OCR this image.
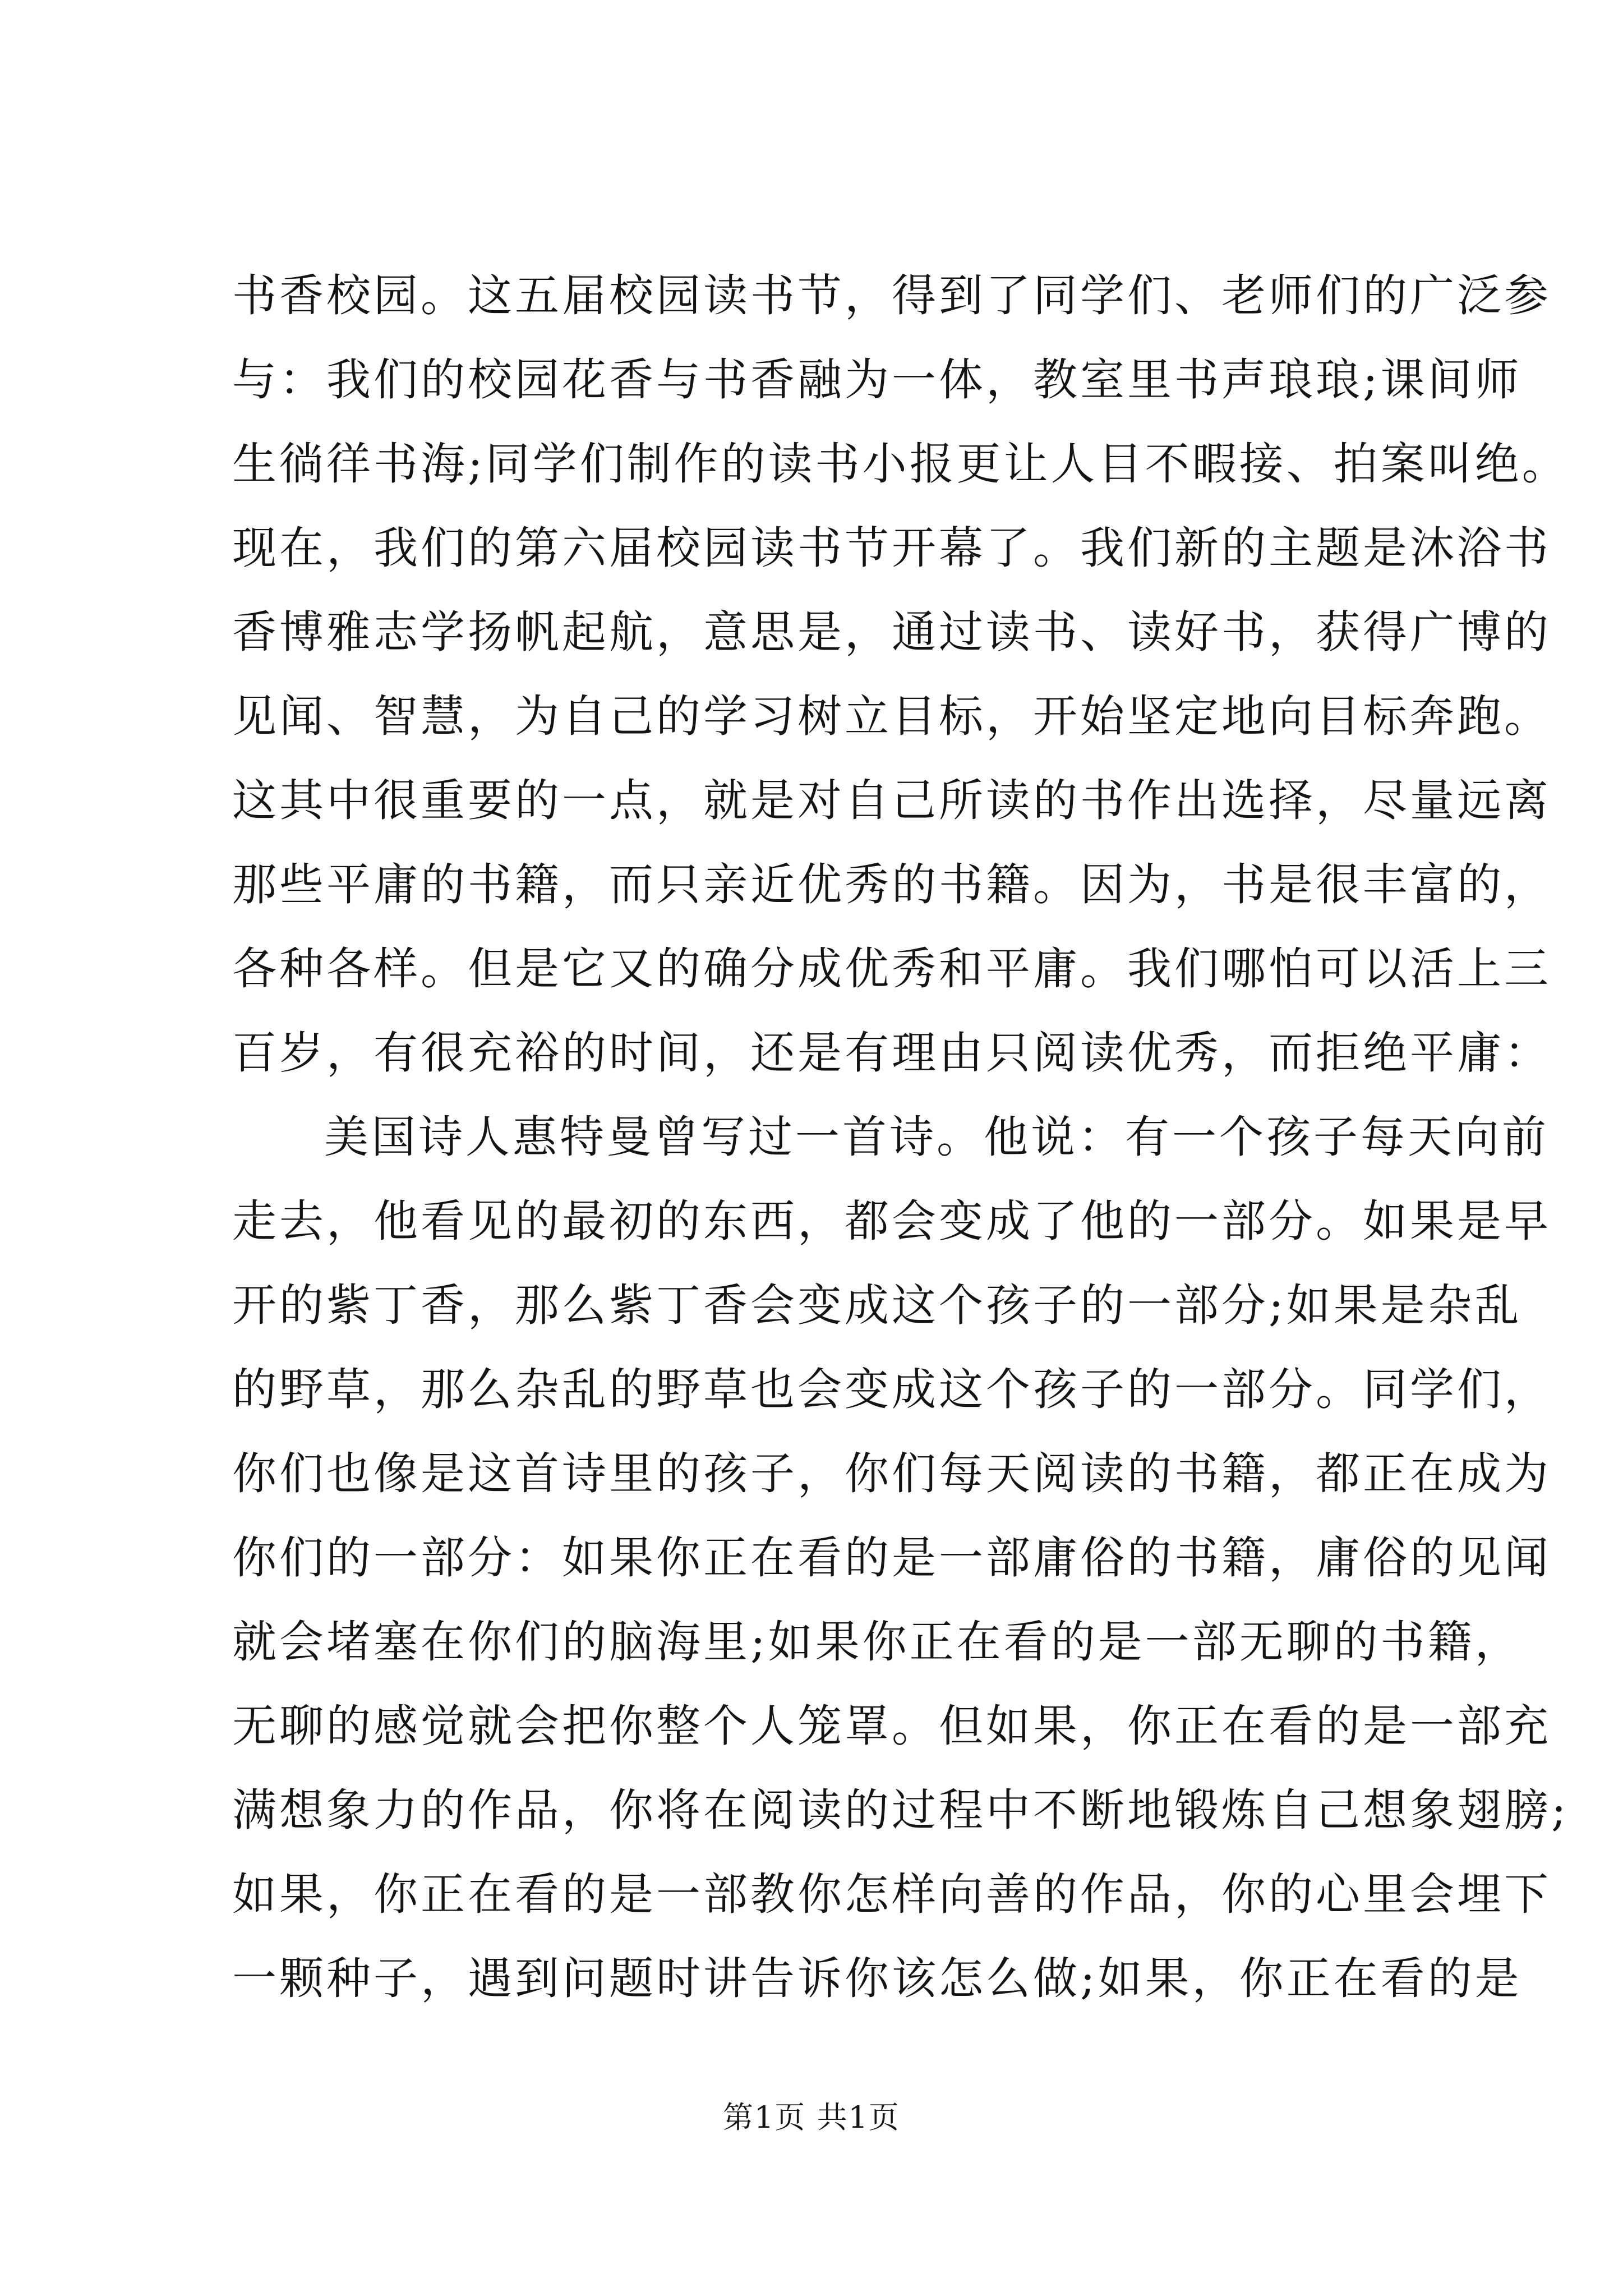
书香校园。这五届校园读书节，得到了同学们、老师们的广泛参
与：我们的校园花香与书香融为一体，教室里书声琅琅;课间师
生徜徉书海;同学们制作的读书小报更让人目不暇接、拍案叫绝。
现在，我们的第六届校园读书节开幕了。我们新的主题是沐浴书
香博雅志学扬帆起航，意思是，通过读书、读好书，获得广博的
见闻、智慧，为自己的学习树立目标，开始坚定地向目标奔跑。
这其中很重要的一点，就是对自己所读的书作出选择，尽量远离
那些平庸的书籍，而只亲近优秀的书籍。因为，书是很丰富的，
各种各样。但是它又的确分成优秀和平庸。我们哪怕可以活上三
百岁，有很充裕的时间，还是有理由只阅读优秀，而拒绝平庸：
美国诗人惠特曼曾写过一首诗。他说：有一个孩子每天向前
走去，他看见的最初的东西，都会变成了他的一部分。如果是早
开的紫丁香，那么紫丁香会变成这个孩子的一部分;如果是杂乱
的野草，那么杂乱的野草也会变成这个孩子的一部分。同学们，
你们也像是这首诗里的孩子，你们每天阅读的书籍，都正在成为
你们的一部分：如果你正在看的是一部庸俗的书籍，庸俗的见闻
就会堵塞在你们的脑海里;如果你正在看的是一部无聊的书籍，
无聊的感觉就会把你整个人笼罩。但如果，你正在看的是一部充
满想象力的作品，你将在阅读的过程中不断地锻炼自己想象翅膀;
如果，你正在看的是一部教你怎样向善的作品，你的心里会埋下
一颗种子，遇到问题时讲告诉你该怎么做;如果，你正在看的是
第1页 共1页
